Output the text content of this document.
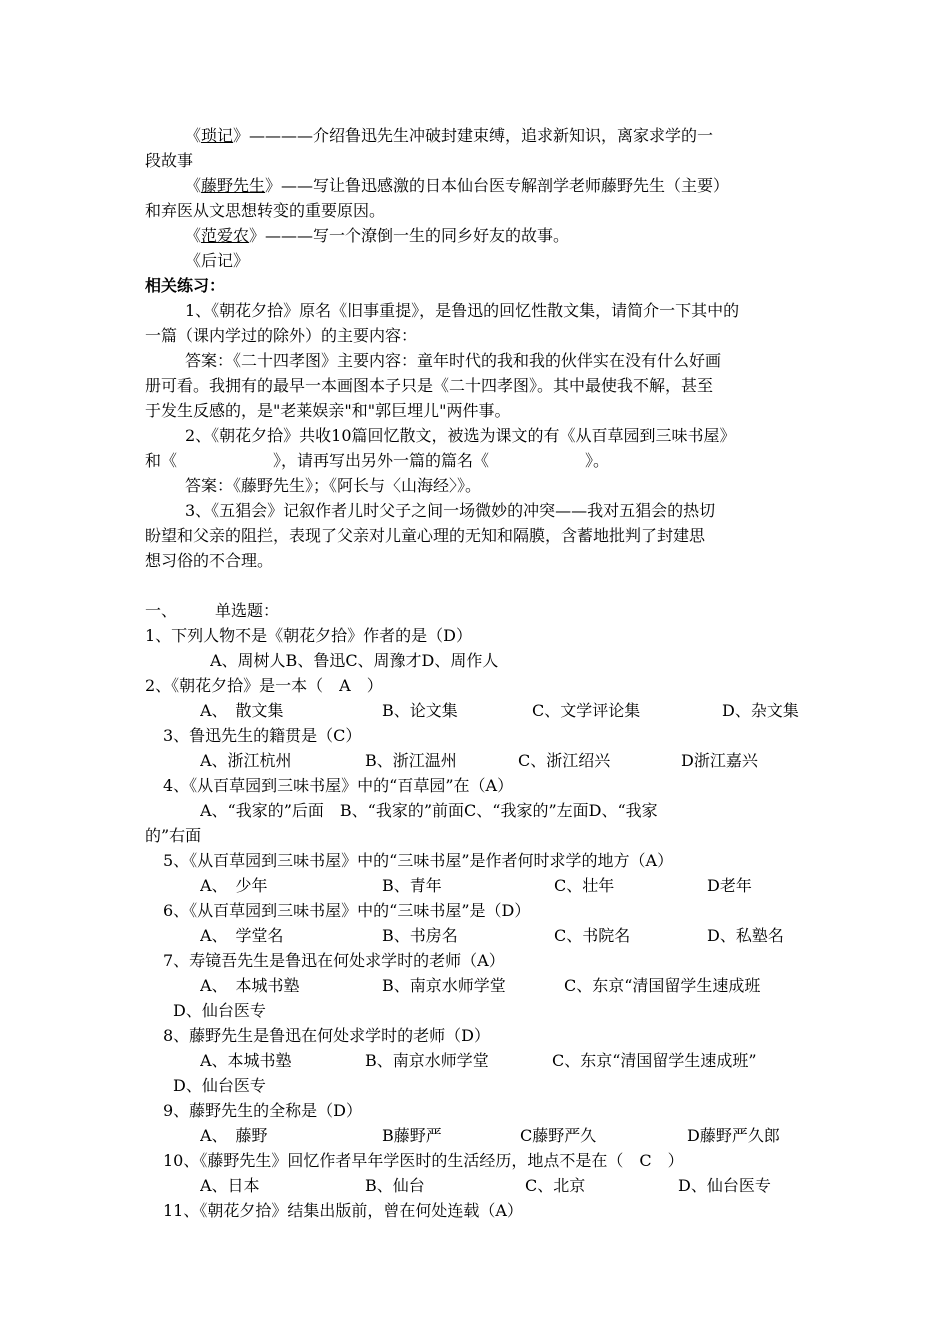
《琐记》————介绍鲁迅先生冲破封建束缚，追求新知识，离家求学的一
段故事
《藤野先生》——写让鲁迅感激的日本仙台医专解剖学老师藤野先生（主要）
和弃医从文思想转变的重要原因。
《范爱农》———写一个潦倒一生的同乡好友的故事。
《后记》
相关练习：
1、《朝花夕拾》原名《旧事重提》，是鲁迅的回忆性散文集，请简介一下其中的
一篇（课内学过的除外）的主要内容：
答案：《二十四孝图》主要内容：童年时代的我和我的伙伴实在没有什么好画
册可看。我拥有的最早一本画图本子只是《二十四孝图》。其中最使我不解，甚至
于发生反感的，是"老莱娱亲"和"郭巨埋儿"两件事。
2、《朝花夕拾》共收10篇回忆散文，被选为课文的有《从百草园到三味书屋》
和《　　　　　　》，请再写出另外一篇的篇名《　　　　　　》。
答案：《藤野先生》；《阿长与〈山海经〉》。
3、《五猖会》记叙作者儿时父子之间一场微妙的冲突——我对五猖会的热切
盼望和父亲的阻拦，表现了父亲对儿童心理的无知和隔膜，含蓄地批判了封建思
想习俗的不合理。
一、 单选题：
1、下列人物不是《朝花夕拾》作者的是（D）
A、周树人B、鲁迅C、周豫才D、周作人
2、《朝花夕拾》是一本（　A　）
A、　散文集	B、论文集	C、文学评论集	D、杂文集
3、鲁迅先生的籍贯是（C）
A、浙江杭州	B、浙江温州	C、浙江绍兴	D浙江嘉兴
4、《从百草园到三味书屋》中的“百草园”在（A）
A、“我家的”后面　B、“我家的”前面C、“我家的”左面D、“我家
的”右面
5、《从百草园到三味书屋》中的“三味书屋”是作者何时求学的地方（A）
A、　少年	B、青年	C、壮年	D老年
6、《从百草园到三味书屋》中的“三味书屋”是（D）
A、　学堂名	B、书房名	C、书院名	D、私塾名
7、寿镜吾先生是鲁迅在何处求学时的老师（A）
A、　本城书塾	B、南京水师学堂	C、东京“清国留学生速成班
D、仙台医专
8、藤野先生是鲁迅在何处求学时的老师（D）
A、本城书塾	B、南京水师学堂	C、东京“清国留学生速成班”
D、仙台医专
9、藤野先生的全称是（D）
A、　藤野	B藤野严	C藤野严久	D藤野严久郎
10、《藤野先生》回忆作者早年学医时的生活经历，地点不是在（　C　）
A、日本	B、仙台	C、北京	D、仙台医专
11、《朝花夕拾》结集出版前，曾在何处连载（A）
